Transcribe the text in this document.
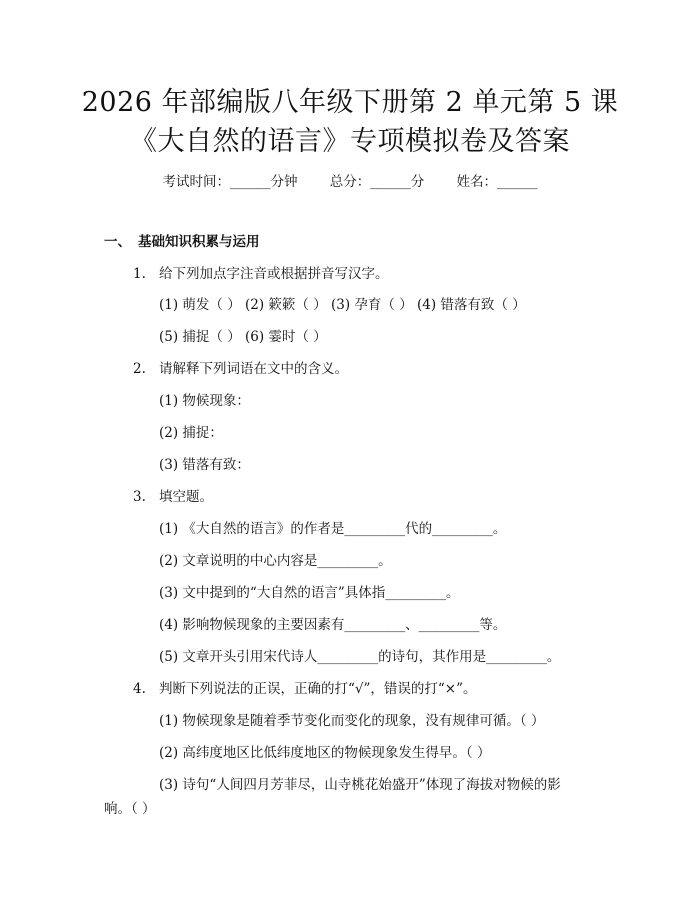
2026 年部编版八年级下册第 2 单元第 5 课
《大自然的语言》专项模拟卷及答案
考试时间：______分钟 总分：______分 姓名：______
一、 基础知识积累与运用
1. 给下列加点字注音或根据拼音写汉字。
(1) 萌发（ ） (2) 簌簌（ ） (3) 孕育（ ） (4) 错落有致（ ）
(5) 捕捉（ ） (6) 霎时（ ）
2. 请解释下列词语在文中的含义。
(1) 物候现象：
(2) 捕捉：
(3) 错落有致：
3. 填空题。
(1) 《大自然的语言》的作者是_________代的_________。
(2) 文章说明的中心内容是_________。
(3) 文中提到的“大自然的语言”具体指_________。
(4) 影响物候现象的主要因素有_________、_________等。
(5) 文章开头引用宋代诗人_________的诗句，其作用是_________。
4. 判断下列说法的正误，正确的打“√”，错误的打“×”。
(1) 物候现象是随着季节变化而变化的现象，没有规律可循。（ ）
(2) 高纬度地区比低纬度地区的物候现象发生得早。（ ）
(3) 诗句“人间四月芳菲尽，山寺桃花始盛开”体现了海拔对物候的影
响。（ ）
